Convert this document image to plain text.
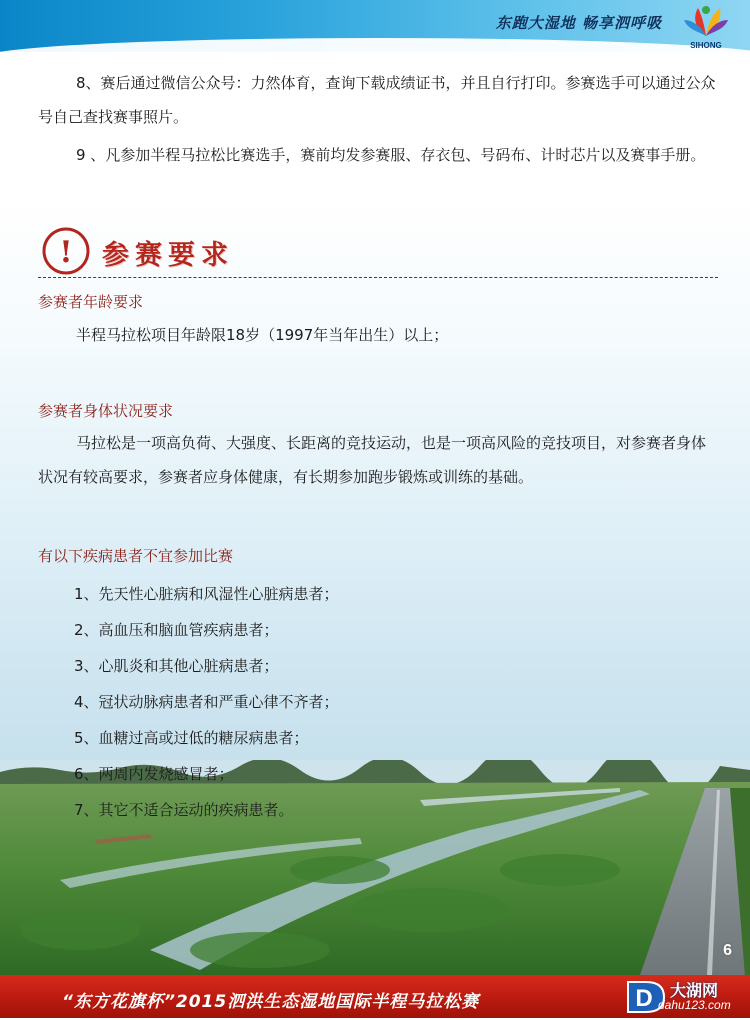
东跑大湿地 畅享泗呼吸
SIHONG
8、赛后通过微信公众号：力然体育，查询下载成绩证书，并且自行打印。参赛选手可以通过公众号自己查找赛事照片。
9 、凡参加半程马拉松比赛选手，赛前均发参赛服、存衣包、号码布、计时芯片以及赛事手册。
! 参赛要求
参赛者年龄要求
半程马拉松项目年龄限18岁（1997年当年出生）以上；
参赛者身体状况要求
马拉松是一项高负荷、大强度、长距离的竞技运动，也是一项高风险的竞技项目，对参赛者身体状况有较高要求，参赛者应身体健康，有长期参加跑步锻炼或训练的基础。
有以下疾病患者不宜参加比赛
1、先天性心脏病和风湿性心脏病患者；
2、高血压和脑血管疾病患者；
3、心肌炎和其他心脏病患者；
4、冠状动脉病患者和严重心律不齐者；
5、血糖过高或过低的糖尿病患者；
6、两周内发烧感冒者；
7、其它不适合运动的疾病患者。
6
“东方花旗杯”2015泗洪生态湿地国际半程马拉松赛	D 大湖网
dahu123.com
